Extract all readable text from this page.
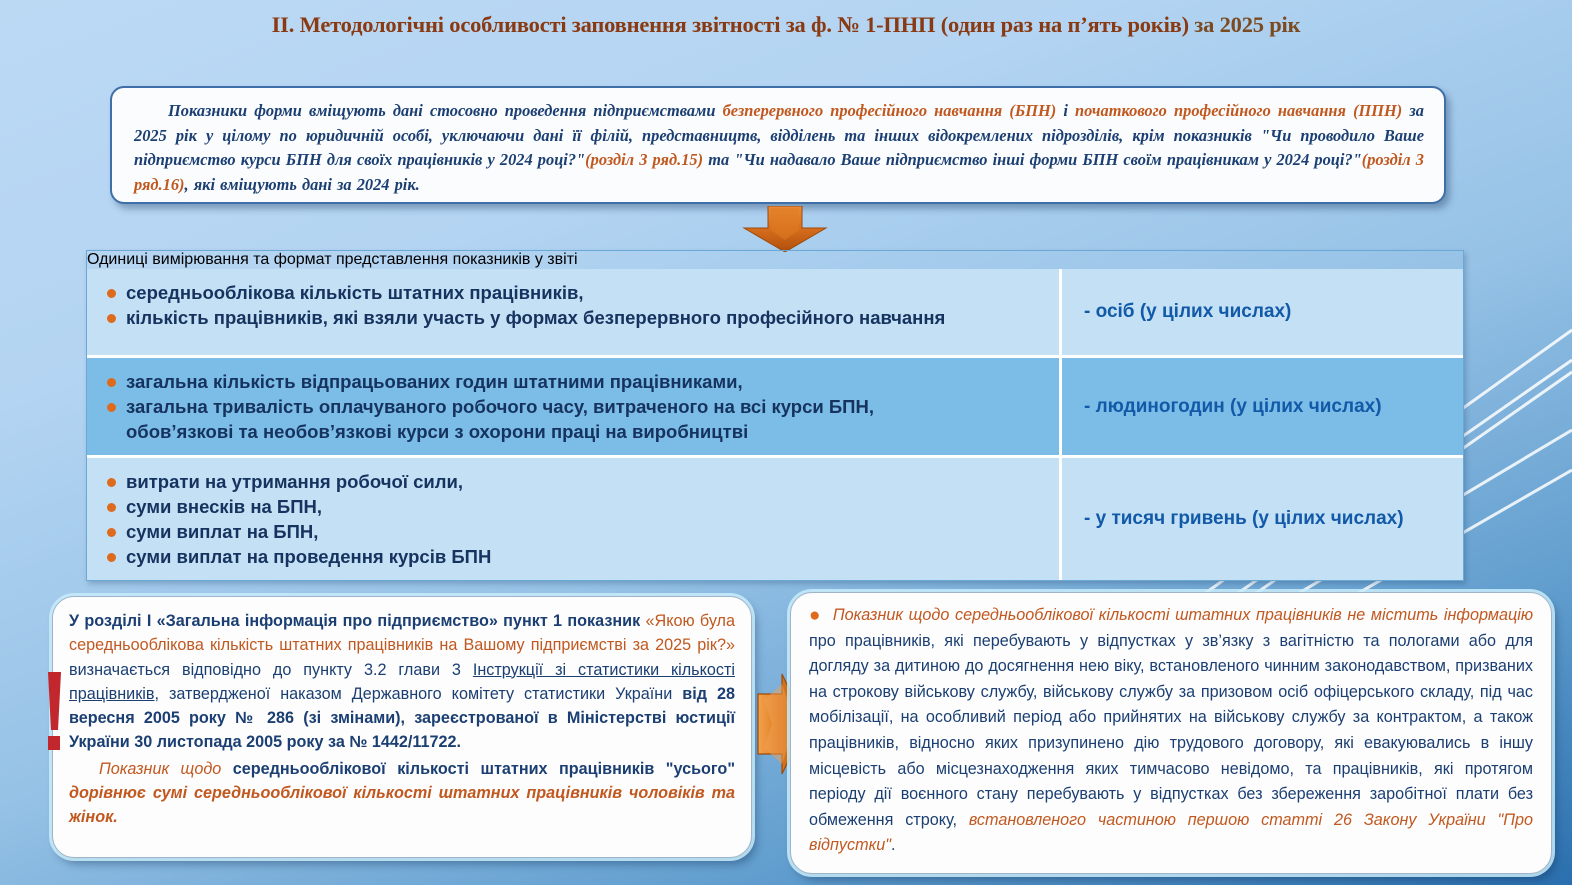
II. Методологічні особливості заповнення звітності за ф. № 1-ПНП (один раз на п’ять років) за 2025 рік

Показники форми вміщують дані стосовно проведення підприємствами безперервного професійного навчання (БПН) і початкового професійного навчання (ППН) за 2025 рік у цілому по юридичній особі, уключаючи дані її філій, представництв, відділень та інших відокремлених підрозділів, крім показників "Чи проводило Ваше підприємство курси БПН для своїх працівників у 2024 році?"(розділ 3 ряд.15) та "Чи надавало Ваше підприємство інші форми БПН своїм працівникам у 2024 році?"(розділ 3 ряд.16), які вміщують дані за 2024 рік.

Одиниці вимірювання та формат представлення показників у звіті
середньооблікова кількість штатних працівників,
кількість працівників, які взяли участь у формах безперервного професійного навчання	- осіб (у цілих числах)
загальна кількість відпрацьованих годин штатними працівниками,
загальна тривалість оплачуваного робочого часу, витраченого на всі курси БПН,
обов’язкові та необов’язкові курси з охорони праці на виробництві
- людиногодин (у цілих числах)
витрати на утримання робочої сили,
суми внесків на БПН,
суми виплат на БПН,
суми виплат на проведення курсів БПН
- у тисяч гривень (у цілих числах)

У розділі I «Загальна інформація про підприємство» пункт 1 показник «Якою була середньооблікова кількість штатних працівників на Вашому підприємстві за 2025 рік?» визначається відповідно до пункту 3.2 глави 3 Інструкції зі статистики кількості працівників, затвердженої наказом Державного комітету статистики України від 28 вересня 2005 року № 286 (зі змінами), зареєстрованої в Міністерстві юстиції України 30 листопада 2005 року за № 1442/11722.

Показник щодо середньооблікової кількості штатних працівників "усього" дорівнює сумі середньооблікової кількості штатних працівників чоловіків та жінок.

● Показник щодо середньооблікової кількості штатних працівників не містить інформацію про працівників, які перебувають у відпустках у зв’язку з вагітністю та пологами або для догляду за дитиною до досягнення нею віку, встановленого чинним законодавством, призваних на строкову військову службу, військову службу за призовом осіб офіцерського складу, під час мобілізації, на особливий період або прийнятих на військову службу за контрактом, а також працівників, відносно яких призупинено дію трудового договору, які евакуювались в іншу місцевість або місцезнаходження яких тимчасово невідомо, та працівників, які протягом періоду дії воєнного стану перебувають у відпустках без збереження заробітної плати без обмеження строку, встановленого частиною першою статті 26 Закону України "Про відпустки".
